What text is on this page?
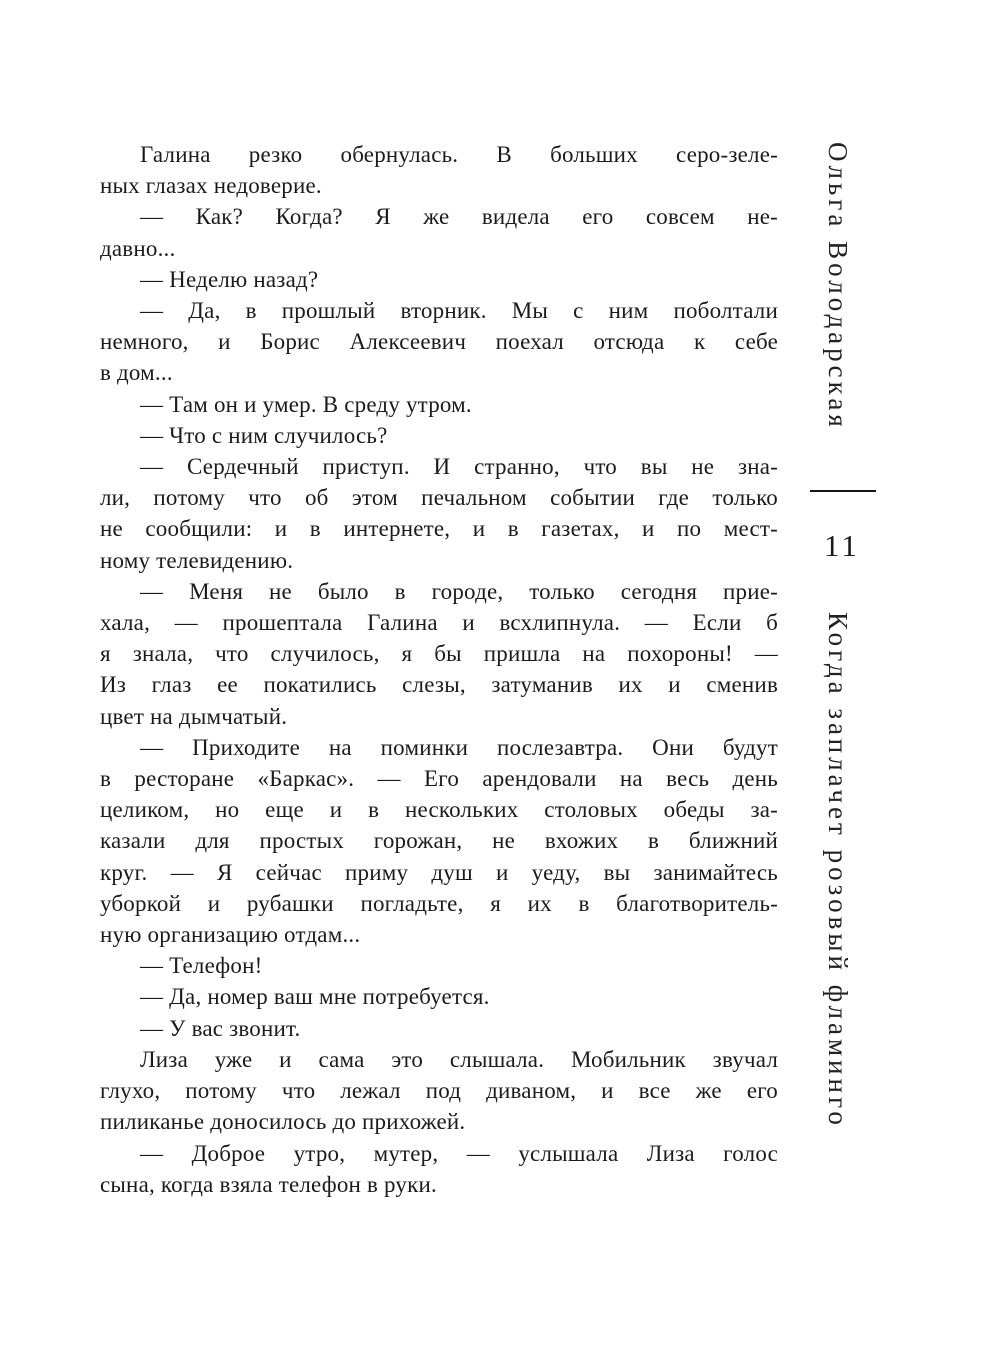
Галина резко обернулась. В больших серо-зеле-
ных глазах недоверие.
— Как? Когда? Я же видела его совсем не-
давно...
— Неделю назад?
— Да, в прошлый вторник. Мы с ним поболтали
немного, и Борис Алексеевич поехал отсюда к себе
в дом...
— Там он и умер. В среду утром.
— Что с ним случилось?
— Сердечный приступ. И странно, что вы не зна-
ли, потому что об этом печальном событии где только
не сообщили: и в интернете, и в газетах, и по мест-
ному телевидению.
— Меня не было в городе, только сегодня прие-
хала, — прошептала Галина и всхлипнула. — Если б
я знала, что случилось, я бы пришла на похороны! —
Из глаз ее покатились слезы, затуманив их и сменив
цвет на дымчатый.
— Приходите на поминки послезавтра. Они будут
в ресторане «Баркас». — Его арендовали на весь день
целиком, но еще и в нескольких столовых обеды за-
казали для простых горожан, не вхожих в ближний
круг. — Я сейчас приму душ и уеду, вы занимайтесь
уборкой и рубашки погладьте, я их в благотворитель-
ную организацию отдам...
— Телефон!
— Да, номер ваш мне потребуется.
— У вас звонит.
Лиза уже и сама это слышала. Мобильник звучал
глухо, потому что лежал под диваном, и все же его
пиликанье доносилось до прихожей.
— Доброе утро, мутер, — услышала Лиза голос
сына, когда взяла телефон в руки.
Ольга Володарская
11
Когда заплачет розовый фламинго
